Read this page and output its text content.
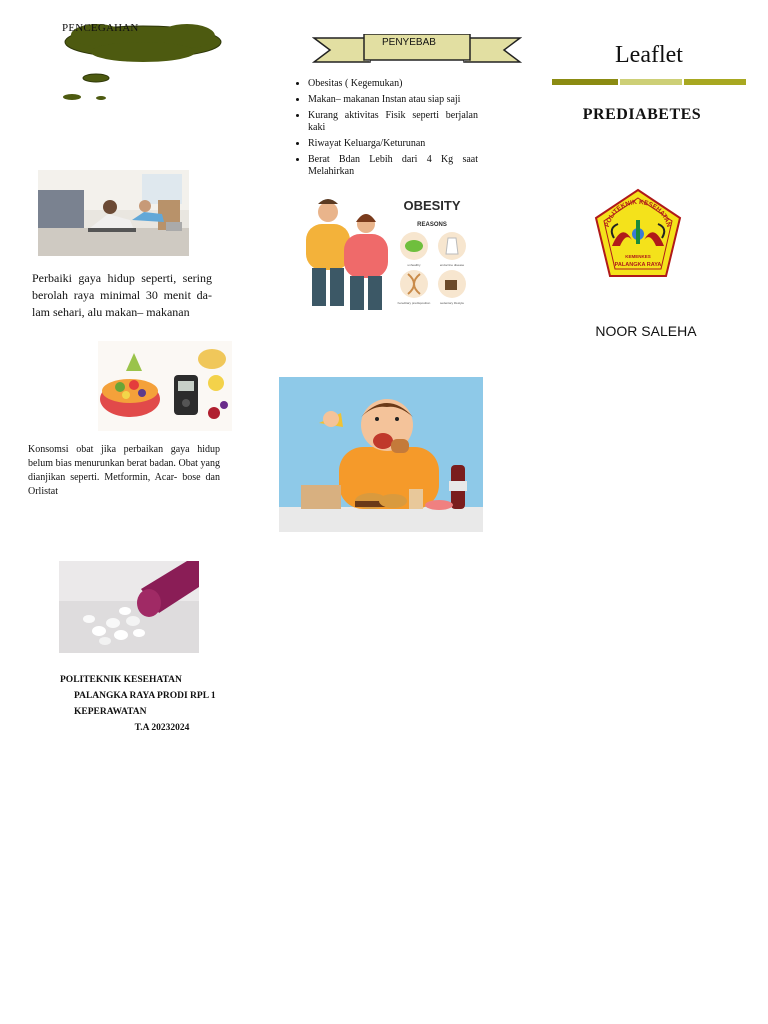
PENCEGAHAN
Perbaiki gaya hidup seperti, sering berolah raya minimal 30 menit da- lam sehari, alu makan– makanan
Konsomsi obat jika perbaikan gaya hidup belum bias menurunkan berat badan. Obat yang dianjikan seperti. Metformin, Acar- bose dan Orlistat
POLITEKNIK KESEHATAN
PALANGKA RAYA PRODI RPL 1
KEPERAWATAN
T.A 20232024
PENYEBAB
• Obesitas ( Kegemukan)
• Makan– makanan Instan atau siap saji
• Kurang aktivitas Fisik seperti berjalan kaki
• Riwayat Keluarga/Keturunan
• Berat Bdan Lebih dari 4 Kg saat Melahirkan
OBESITY
REASONS
unhealthy	endocrine disease
hereditary predisposition	sedentary lifestyle
Leaflet
PREDIABETES
POLITEKNIK KESEHATAN
KEMENKES
PALANGKA RAYA
NOOR SALEHA
